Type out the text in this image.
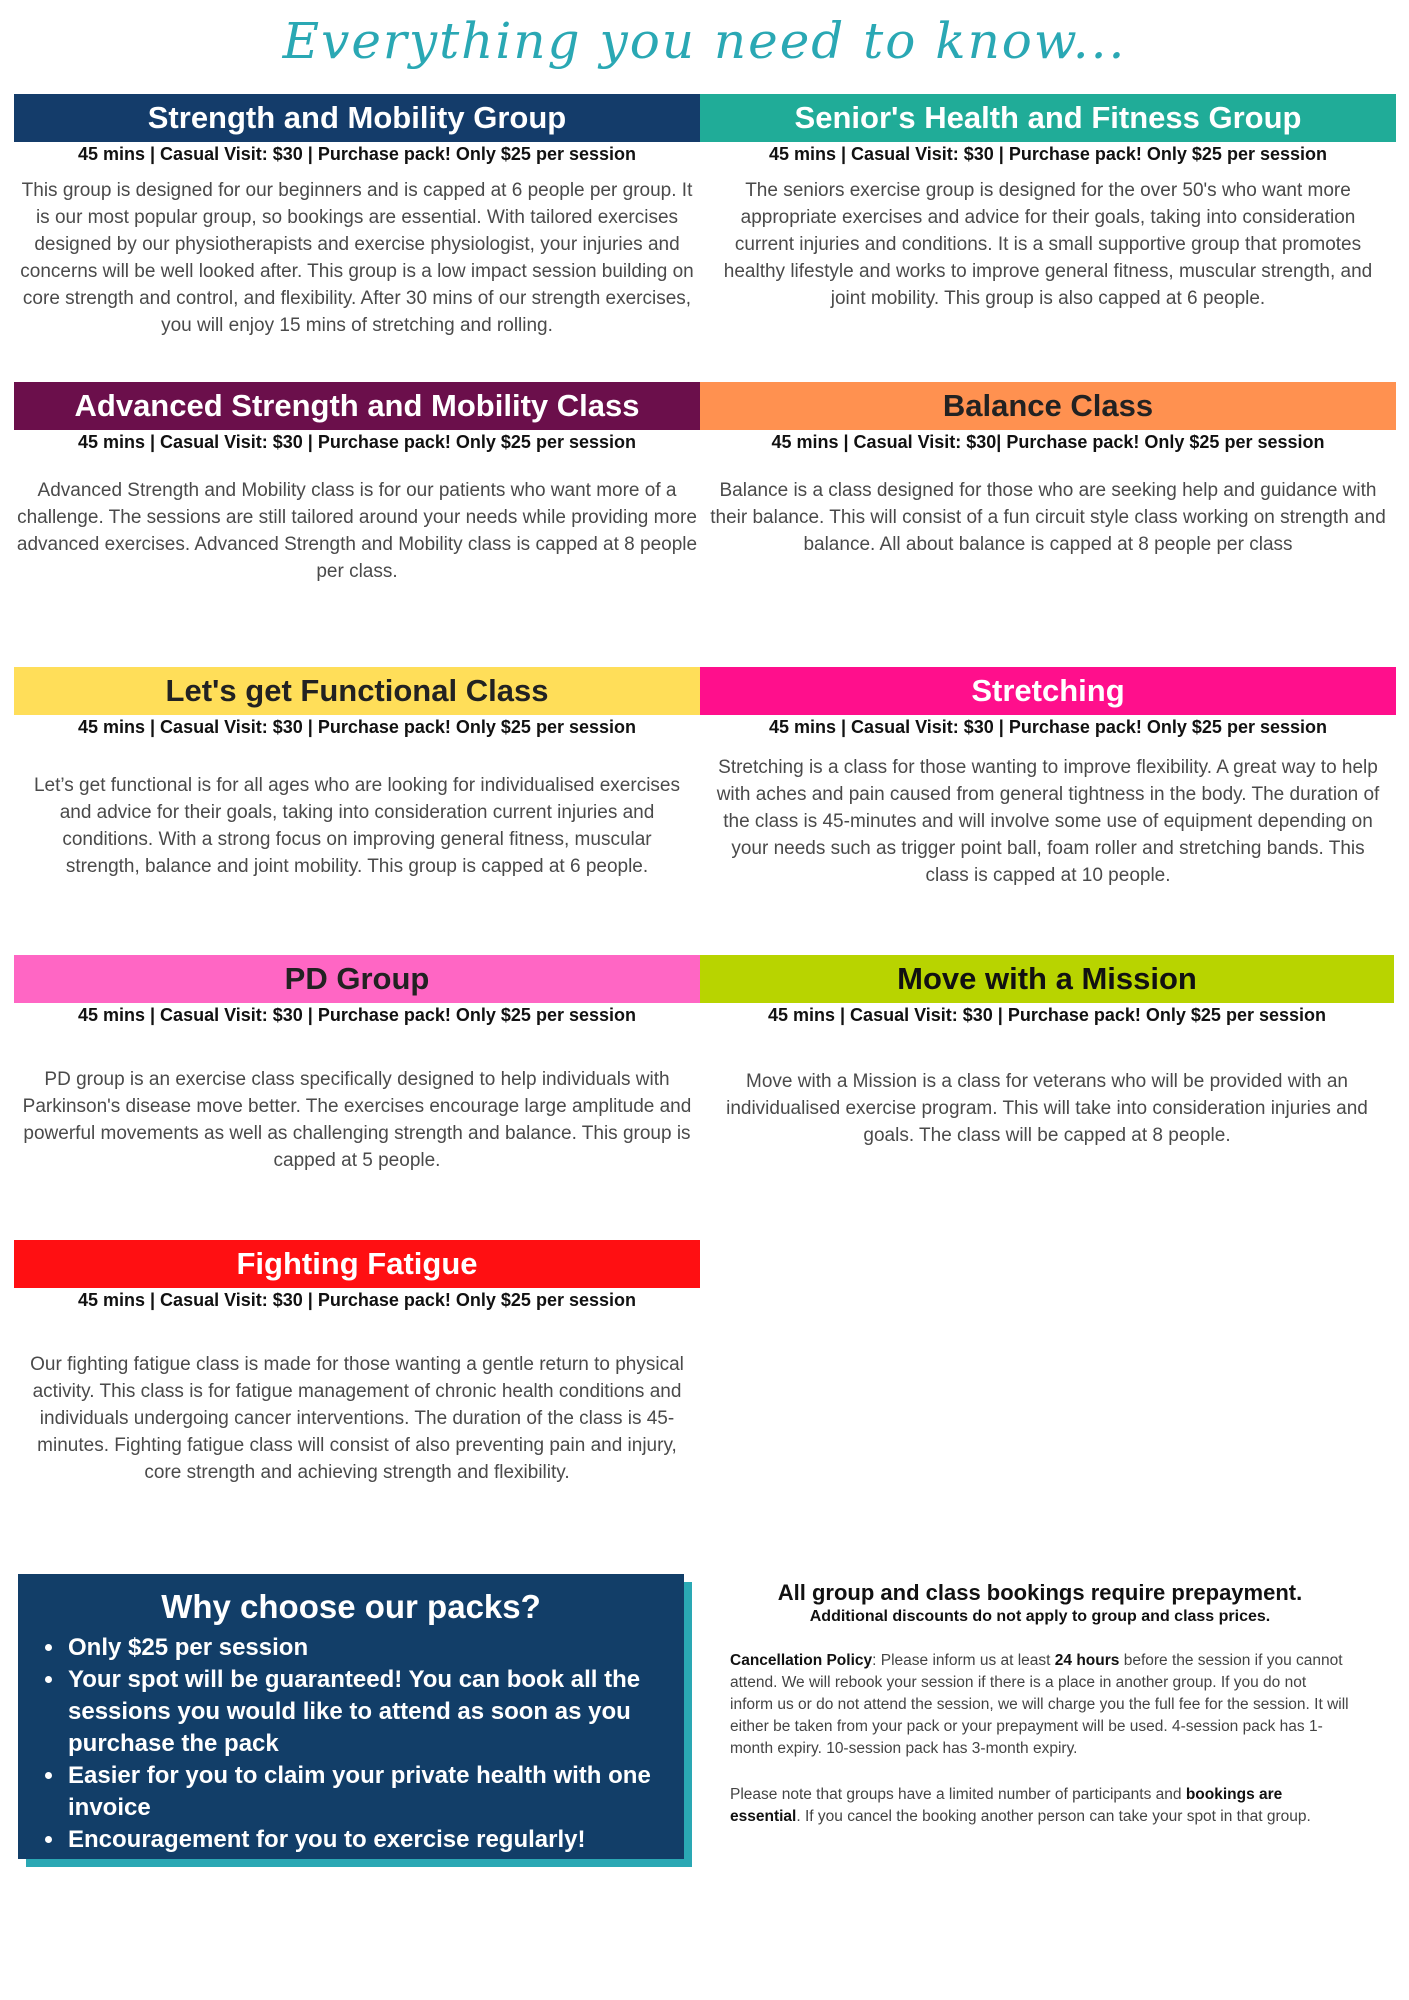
Everything you need to know...
Strength and Mobility Group
45 mins | Casual Visit: $30 | Purchase pack! Only $25 per session
This group is designed for our beginners and is capped at 6 people per group. It is our most popular group, so bookings are essential. With tailored exercises designed by our physiotherapists and exercise physiologist, your injuries and concerns will be well looked after. This group is a low impact session building on core strength and control, and flexibility. After 30 mins of our strength exercises, you will enjoy 15 mins of stretching and rolling.
Senior's Health and Fitness Group
45 mins | Casual Visit: $30 | Purchase pack! Only $25 per session
The seniors exercise group is designed for the over 50's who want more appropriate exercises and advice for their goals, taking into consideration current injuries and conditions. It is a small supportive group that promotes healthy lifestyle and works to improve general fitness, muscular strength, and joint mobility. This group is also capped at 6 people.
Advanced Strength and Mobility Class
45 mins | Casual Visit: $30 | Purchase pack! Only $25 per session
Advanced Strength and Mobility class is for our patients who want more of a challenge. The sessions are still tailored around your needs while providing more advanced exercises. Advanced Strength and Mobility class is capped at 8 people per class.
Balance Class
45 mins | Casual Visit: $30| Purchase pack! Only $25 per session
Balance is a class designed for those who are seeking help and guidance with their balance. This will consist of a fun circuit style class working on strength and balance. All about balance is capped at 8 people per class
Let's get Functional Class
45 mins | Casual Visit: $30 | Purchase pack! Only $25 per session
Let’s get functional is for all ages who are looking for individualised exercises and advice for their goals, taking into consideration current injuries and conditions. With a strong focus on improving general fitness, muscular strength, balance and joint mobility. This group is capped at 6 people.
Stretching
45 mins | Casual Visit: $30 | Purchase pack! Only $25 per session
Stretching is a class for those wanting to improve flexibility. A great way to help with aches and pain caused from general tightness in the body. The duration of the class is 45-minutes and will involve some use of equipment depending on your needs such as trigger point ball, foam roller and stretching bands. This class is capped at 10 people.
PD Group
45 mins | Casual Visit: $30 | Purchase pack! Only $25 per session
PD group is an exercise class specifically designed to help individuals with Parkinson's disease move better. The exercises encourage large amplitude and powerful movements as well as challenging strength and balance. This group is capped at 5 people.
Move with a Mission
45 mins | Casual Visit: $30 | Purchase pack! Only $25 per session
Move with a Mission is a class for veterans who will be provided with an individualised exercise program. This will take into consideration injuries and goals. The class will be capped at 8 people.
Fighting Fatigue
45 mins | Casual Visit: $30 | Purchase pack! Only $25 per session
Our fighting fatigue class is made for those wanting a gentle return to physical activity. This class is for fatigue management of chronic health conditions and individuals undergoing cancer interventions. The duration of the class is 45-minutes. Fighting fatigue class will consist of also preventing pain and injury, core strength and achieving strength and flexibility.
Why choose our packs?
• Only $25 per session
• Your spot will be guaranteed! You can book all the sessions you would like to attend as soon as you purchase the pack
• Easier for you to claim your private health with one invoice
• Encouragement for you to exercise regularly!
All group and class bookings require prepayment.
Additional discounts do not apply to group and class prices.
Cancellation Policy: Please inform us at least 24 hours before the session if you cannot attend. We will rebook your session if there is a place in another group. If you do not inform us or do not attend the session, we will charge you the full fee for the session. It will either be taken from your pack or your prepayment will be used. 4-session pack has 1-month expiry. 10-session pack has 3-month expiry.
Please note that groups have a limited number of participants and bookings are essential. If you cancel the booking another person can take your spot in that group.
